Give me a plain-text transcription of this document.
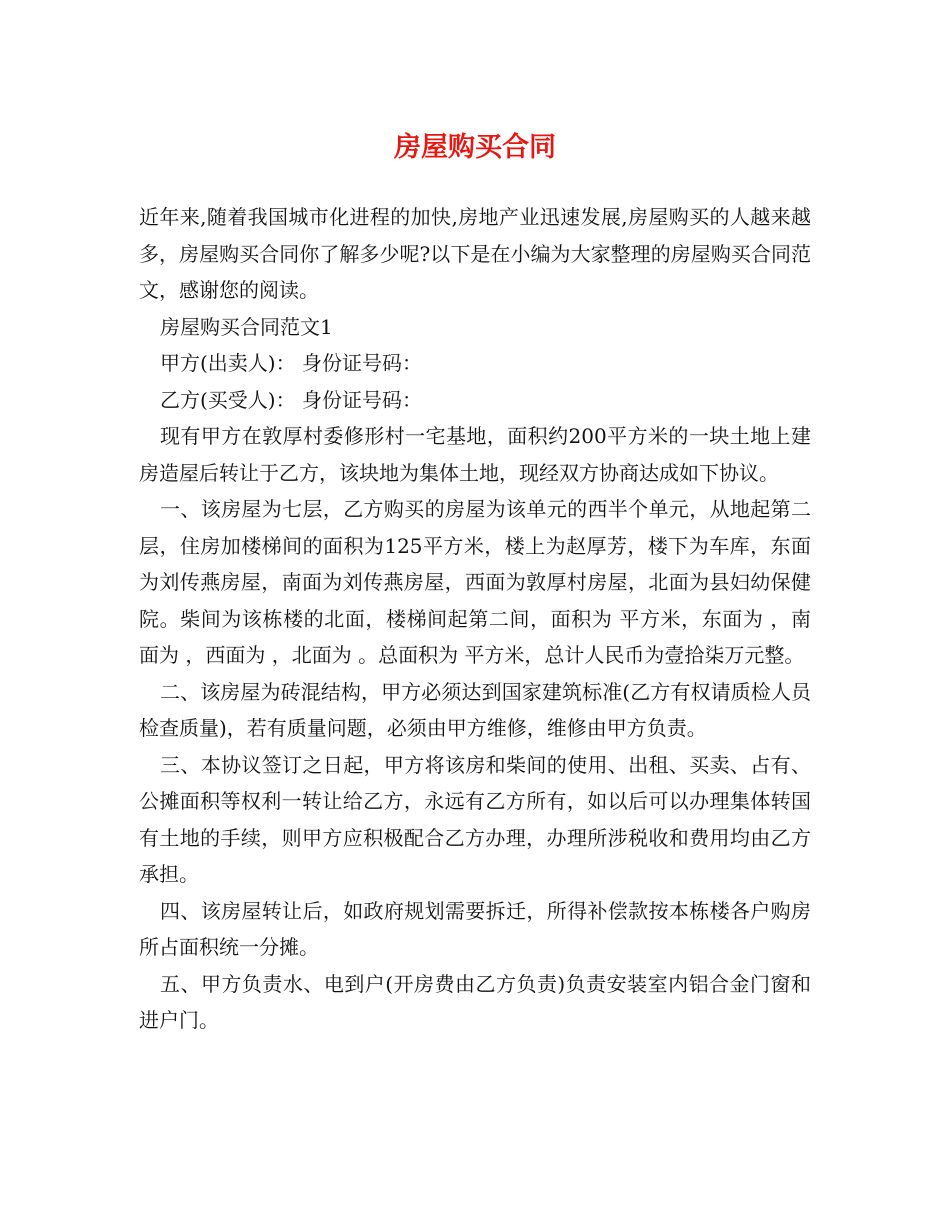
房屋购买合同

近年来,随着我国城市化进程的加快,房地产业迅速发展,房屋购买的人越来越多，房屋购买合同你了解多少呢?以下是在小编为大家整理的房屋购买合同范文，感谢您的阅读。

房屋购买合同范文1

甲方(出卖人)： 身份证号码：

乙方(买受人)： 身份证号码：

现有甲方在敦厚村委修形村一宅基地，面积约200平方米的一块土地上建房造屋后转让于乙方，该块地为集体土地，现经双方协商达成如下协议。

一、该房屋为七层，乙方购买的房屋为该单元的西半个单元，从地起第二层，住房加楼梯间的面积为125平方米，楼上为赵厚芳，楼下为车库，东面为刘传燕房屋，南面为刘传燕房屋，西面为敦厚村房屋，北面为县妇幼保健院。柴间为该栋楼的北面，楼梯间起第二间，面积为 平方米，东面为 ，南面为 ，西面为 ，北面为 。总面积为 平方米，总计人民币为壹拾柒万元整。

二、该房屋为砖混结构，甲方必须达到国家建筑标准(乙方有权请质检人员检查质量)，若有质量问题，必须由甲方维修，维修由甲方负责。

三、本协议签订之日起，甲方将该房和柴间的使用、出租、买卖、占有、公摊面积等权利一转让给乙方，永远有乙方所有，如以后可以办理集体转国有土地的手续，则甲方应积极配合乙方办理，办理所涉税收和费用均由乙方承担。

四、该房屋转让后，如政府规划需要拆迁，所得补偿款按本栋楼各户购房所占面积统一分摊。

五、甲方负责水、电到户(开房费由乙方负责)负责安装室内铝合金门窗和进户门。
